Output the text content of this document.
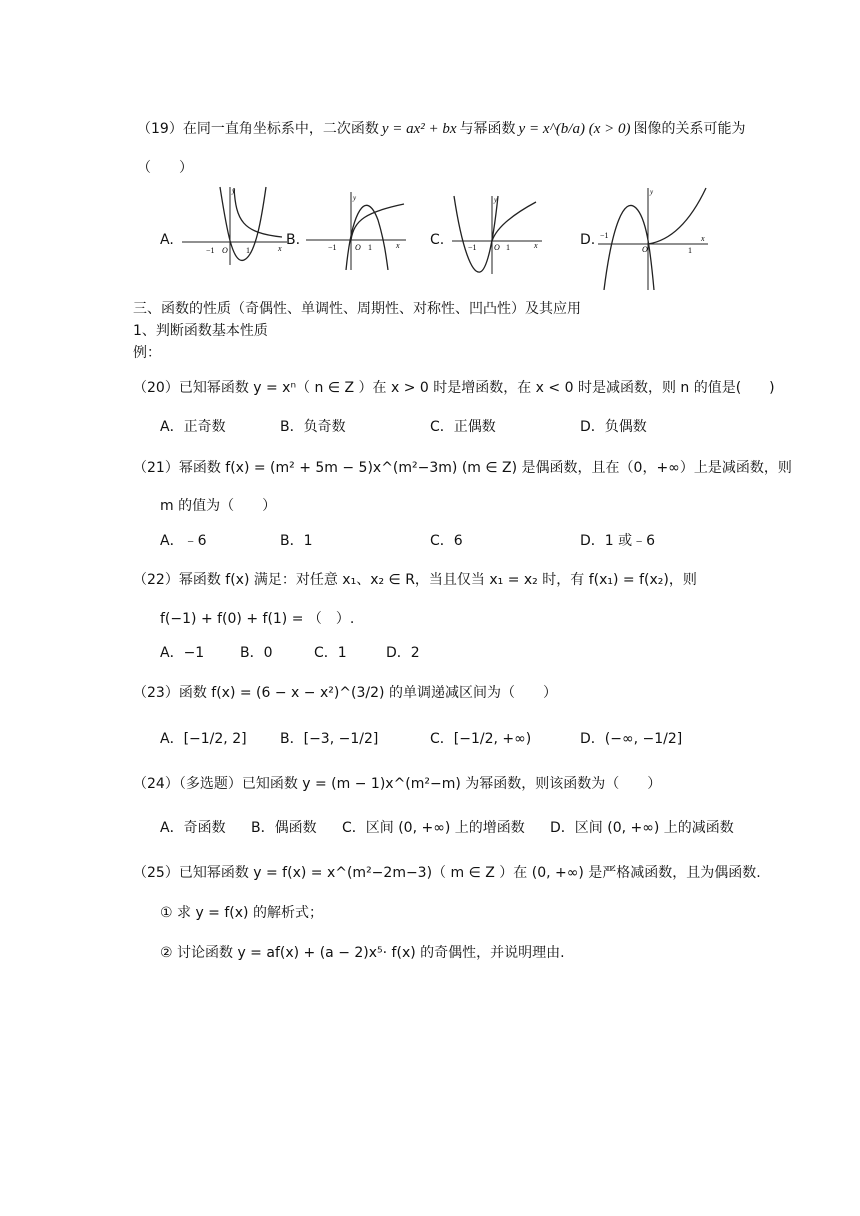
（19）在同一直角坐标系中，二次函数 y = ax² + bx 与幂函数 y = x^(b/a) (x > 0) 图像的关系可能为
（　　）
A.	B.	C.	D.
−1 O 1	x
y
−1 O 1	x
y
−1 O 1	x
y
−1
O	1
x
y
三、函数的性质（奇偶性、单调性、周期性、对称性、凹凸性）及其应用
1、判断函数基本性质
例：
（20）已知幂函数 y = xⁿ（ n ∈ Z ）在 x > 0 时是增函数，在 x < 0 时是减函数，则 n 的值是(　　)
A．正奇数	B．负奇数	C．正偶数	D．负偶数
（21）幂函数 f(x) = (m² + 5m − 5)x^(m²−3m) (m ∈ Z) 是偶函数，且在（0，+∞）上是减函数，则
m 的值为（　　）
A．﹣6	B．1	C．6	D．1 或﹣6
（22）幂函数 f(x) 满足：对任意 x₁、x₂ ∈ R，当且仅当 x₁ = x₂ 时，有 f(x₁) = f(x₂)，则
f(−1) + f(0) + f(1) = （　）.
A．−1	B．0	C．1	D．2
（23）函数 f(x) = (6 − x − x²)^(3/2) 的单调递减区间为（　　）
A．[−1/2, 2] B．[−3, −1/2]	C．[−1/2, +∞)	D．(−∞, −1/2]
（24）（多选题）已知函数 y = (m − 1)x^(m²−m) 为幂函数，则该函数为（　　）
A．奇函数 B．偶函数 C．区间 (0, +∞) 上的增函数 D．区间 (0, +∞) 上的减函数
（25）已知幂函数 y = f(x) = x^(m²−2m−3)（ m ∈ Z ）在 (0, +∞) 是严格减函数，且为偶函数.
① 求 y = f(x) 的解析式；
② 讨论函数 y = af(x) + (a − 2)x⁵· f(x) 的奇偶性，并说明理由.
